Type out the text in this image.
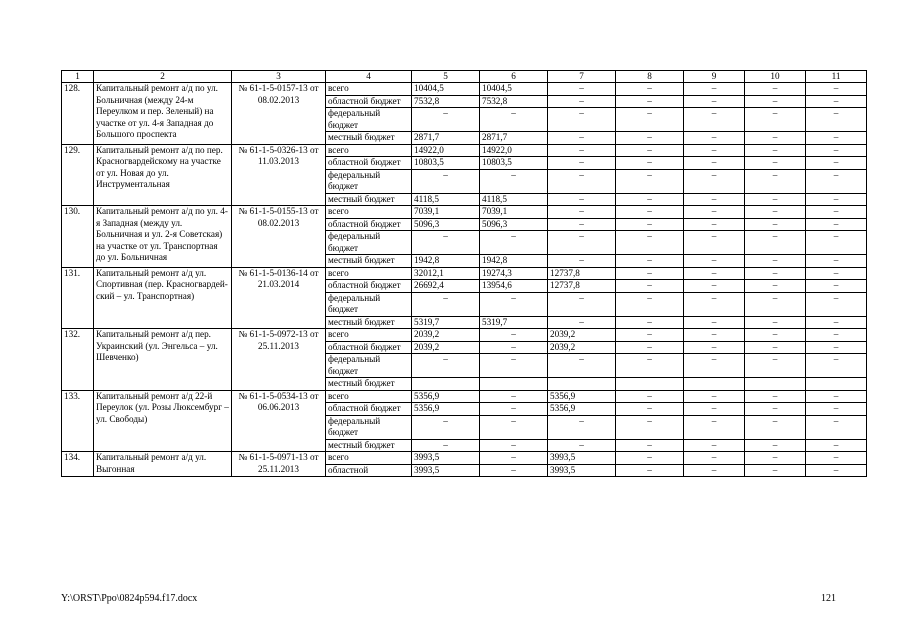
1	2	3	4	5	6	7	8	9	10	11
128.	Капитальный ремонт а/д по ул. Больничная (между 24-м Переулком и пер. Зеленый) на участке от ул. 4-я Западная до Большого проспекта	№ 61-1-5-0157-13 от 08.02.2013	всего	10404,5	10404,5	–	–	–	–	–
			областной бюджет	7532,8	7532,8	–	–	–	–	–
			федеральный бюджет	–	–	–	–	–	–	–
			местный бюджет	2871,7	2871,7	–	–	–	–	–
129.	Капитальный ремонт а/д по пер. Красногвардейскому на участке от ул. Новая до ул. Инструментальная	№ 61-1-5-0326-13 от 11.03.2013	всего	14922,0	14922,0	–	–	–	–	–
			областной бюджет	10803,5	10803,5	–	–	–	–	–
			федеральный бюджет	–	–	–	–	–	–	–
			местный бюджет	4118,5	4118,5	–	–	–	–	–
130.	Капитальный ремонт а/д по ул. 4-я Западная (между ул. Больничная и ул. 2-я Советская) на участке от ул. Транспортная до ул. Больничная	№ 61-1-5-0155-13 от 08.02.2013	всего	7039,1	7039,1	–	–	–	–	–
			областной бюджет	5096,3	5096,3	–	–	–	–	–
			федеральный бюджет	–	–	–	–	–	–	–
			местный бюджет	1942,8	1942,8	–	–	–	–	–
131.	Капитальный ремонт а/д ул. Спортивная (пер. Красногвардей-ский – ул. Транспортная)	№ 61-1-5-0136-14 от 21.03.2014	всего	32012,1	19274,3	12737,8	–	–	–	–
			областной бюджет	26692,4	13954,6	12737,8	–	–	–	–
			федеральный бюджет	–	–	–	–	–	–	–
			местный бюджет	5319,7	5319,7	–	–	–	–	–
132.	Капитальный ремонт а/д пер. Украинский (ул. Энгельса – ул. Шевченко)	№ 61-1-5-0972-13 от 25.11.2013	всего	2039,2	–	2039,2	–	–	–	–
			областной бюджет	2039,2	–	2039,2	–	–	–	–
			федеральный бюджет	–	–	–	–	–	–	–
			местный бюджет							
133.	Капитальный ремонт а/д 22-й Переулок (ул. Розы Люксембург – ул. Свободы)	№ 61-1-5-0534-13 от 06.06.2013	всего	5356,9	–	5356,9	–	–	–	–
			областной бюджет	5356,9	–	5356,9	–	–	–	–
			федеральный бюджет	–	–	–	–	–	–	–
			местный бюджет	–	–	–	–	–	–	–
134.	Капитальный ремонт а/д ул. Выгонная	№ 61-1-5-0971-13 от 25.11.2013	всего	3993,5	–	3993,5	–	–	–	–
			областной	3993,5	–	3993,5	–	–	–	–
Y:\ORST\Ppo\0824p594.f17.docx	121
